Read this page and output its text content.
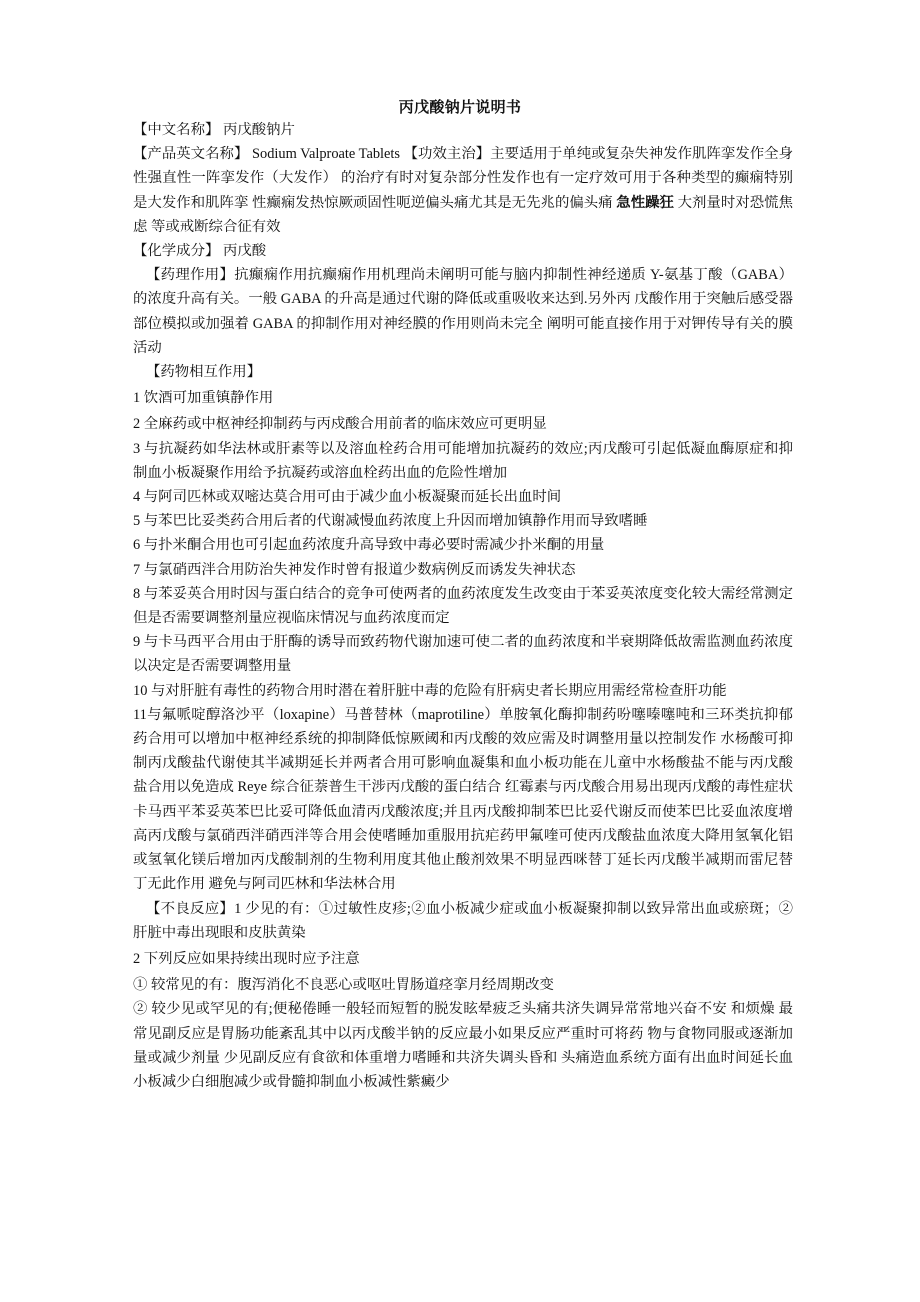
丙戊酸钠片说明书

【中文名称】 丙戊酸钠片

【产品英文名称】 Sodium Valproate Tablets 【功效主治】主要适用于单纯或复杂失神发作肌阵挛发作全身性强直性一阵挛发作（大发作） 的治疗有时对复杂部分性发作也有一定疗效可用于各种类型的癫痫特别是大发作和肌阵挛 性癫痫发热惊厥顽固性呃逆偏头痛尤其是无先兆的偏头痛 急性躁狂 大剂量时对恐慌焦虑 等或戒断综合征有效

【化学成分】 丙戊酸

【药理作用】抗癫痫作用抗癫痫作用机理尚未阐明可能与脑内抑制性神经递质 Y-氨基丁酸（GABA）的浓度升高有关。一般 GABA 的升高是通过代谢的降低或重吸收来达到.另外丙 戊酸作用于突触后感受器部位模拟或加强着 GABA 的抑制作用对神经膜的作用则尚未完全 阐明可能直接作用于对钾传导有关的膜活动

【药物相互作用】

1 饮酒可加重镇静作用

2 全麻药或中枢神经抑制药与丙戍酸合用前者的临床效应可更明显

3 与抗凝药如华法林或肝素等以及溶血栓药合用可能增加抗凝药的效应;丙戊酸可引起低凝血酶原症和抑制血小板凝聚作用给予抗凝药或溶血栓药出血的危险性增加

4 与阿司匹林或双嘧达莫合用可由于减少血小板凝聚而延长出血时间

5 与苯巴比妥类药合用后者的代谢减慢血药浓度上升因而增加镇静作用而导致嗜睡

6 与扑米酮合用也可引起血药浓度升高导致中毒必要时需减少扑米酮的用量

7 与氯硝西泮合用防治失神发作时曾有报道少数病例反而诱发失神状态

8 与苯妥英合用时因与蛋白结合的竞争可使两者的血药浓度发生改变由于苯妥英浓度变化较大需经常测定但是否需要调整剂量应视临床情况与血药浓度而定

9 与卡马西平合用由于肝酶的诱导而致药物代谢加速可使二者的血药浓度和半衰期降低故需监测血药浓度以决定是否需要调整用量

10 与对肝脏有毒性的药物合用时潜在着肝脏中毒的危险有肝病史者长期应用需经常检查肝功能

11与氟哌啶醇洛沙平（loxapine）马普替林（maprotiline）单胺氧化酶抑制药吩噻嗪噻吨和三环类抗抑郁药合用可以增加中枢神经系统的抑制降低惊厥阈和丙戊酸的效应需及时调整用量以控制发作 水杨酸可抑制丙戊酸盐代谢使其半减期延长并两者合用可影响血凝集和血小板功能在儿童中水杨酸盐不能与丙戊酸盐合用以免造成 Reye 综合征萘普生干涉丙戊酸的蛋白结合 红霉素与丙戊酸合用易出现丙戊酸的毒性症状卡马西平苯妥英苯巴比妥可降低血清丙戊酸浓度;并且丙戊酸抑制苯巴比妥代谢反而使苯巴比妥血浓度增高丙戊酸与氯硝西泮硝西泮等合用会使嗜睡加重服用抗疟药甲氟喹可使丙戊酸盐血浓度大降用氢氧化铝或氢氧化镁后增加丙戊酸制剂的生物利用度其他止酸剂效果不明显西咪替丁延长丙戊酸半减期而雷尼替丁无此作用 避免与阿司匹林和华法林合用

【不良反应】1 少见的有：①过敏性皮疹;②血小板减少症或血小板凝聚抑制以致异常出血或瘀斑；②肝脏中毒出现眼和皮肤黄染

2 下列反应如果持续出现时应予注意

① 较常见的有：腹泻消化不良恶心或呕吐胃肠道痉挛月经周期改变

② 较少见或罕见的有;便秘倦睡一般轻而短暂的脱发眩晕疲乏头痛共济失调异常常地兴奋不安 和烦燥 最常见副反应是胃肠功能紊乱其中以丙戊酸半钠的反应最小如果反应严重时可将药 物与食物同服或逐渐加量或减少剂量 少见副反应有食欲和体重增力嗜睡和共济失调头昏和 头痛造血系统方面有出血时间延长血小板减少白细胞减少或骨髓抑制血小板减性紫癜少
